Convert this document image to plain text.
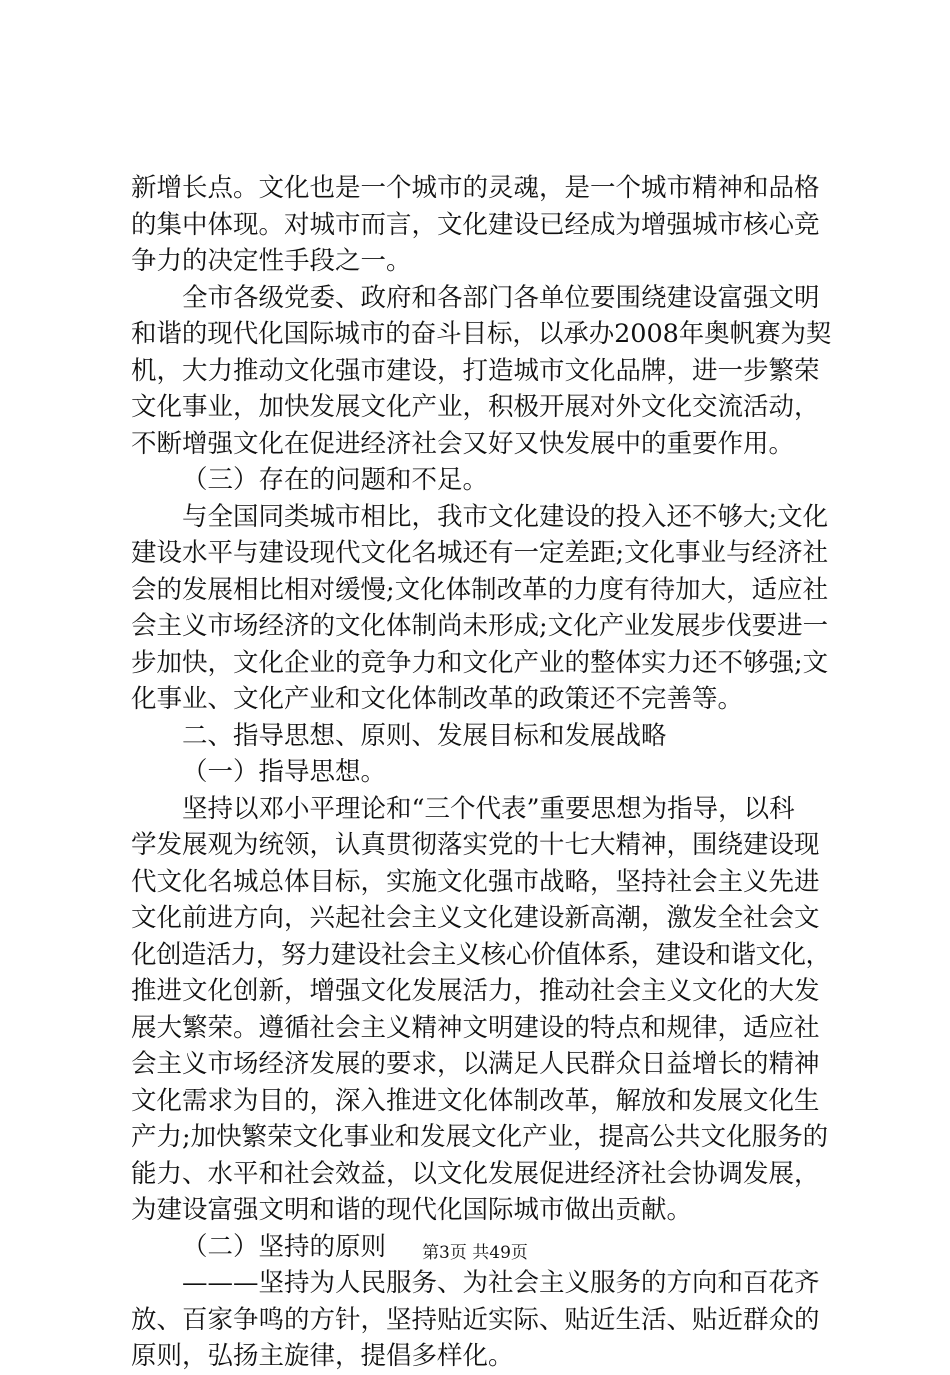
新增长点。文化也是一个城市的灵魂，是一个城市精神和品格
的集中体现。对城市而言，文化建设已经成为增强城市核心竞
争力的决定性手段之一。
全市各级党委、政府和各部门各单位要围绕建设富强文明
和谐的现代化国际城市的奋斗目标，以承办2008年奥帆赛为契
机，大力推动文化强市建设，打造城市文化品牌，进一步繁荣
文化事业，加快发展文化产业，积极开展对外文化交流活动，
不断增强文化在促进经济社会又好又快发展中的重要作用。
（三）存在的问题和不足。
与全国同类城市相比，我市文化建设的投入还不够大;文化
建设水平与建设现代文化名城还有一定差距;文化事业与经济社
会的发展相比相对缓慢;文化体制改革的力度有待加大，适应社
会主义市场经济的文化体制尚未形成;文化产业发展步伐要进一
步加快，文化企业的竞争力和文化产业的整体实力还不够强;文
化事业、文化产业和文化体制改革的政策还不完善等。
二、指导思想、原则、发展目标和发展战略
（一）指导思想。
坚持以邓小平理论和“三个代表”重要思想为指导，以科
学发展观为统领，认真贯彻落实党的十七大精神，围绕建设现
代文化名城总体目标，实施文化强市战略，坚持社会主义先进
文化前进方向，兴起社会主义文化建设新高潮，激发全社会文
化创造活力，努力建设社会主义核心价值体系，建设和谐文化，
推进文化创新，增强文化发展活力，推动社会主义文化的大发
展大繁荣。遵循社会主义精神文明建设的特点和规律，适应社
会主义市场经济发展的要求，以满足人民群众日益增长的精神
文化需求为目的，深入推进文化体制改革，解放和发展文化生
产力;加快繁荣文化事业和发展文化产业，提高公共文化服务的
能力、水平和社会效益，以文化发展促进经济社会协调发展，
为建设富强文明和谐的现代化国际城市做出贡献。
（二）坚持的原则
———坚持为人民服务、为社会主义服务的方向和百花齐
放、百家争鸣的方针，坚持贴近实际、贴近生活、贴近群众的
原则，弘扬主旋律，提倡多样化。
第3页 共49页
